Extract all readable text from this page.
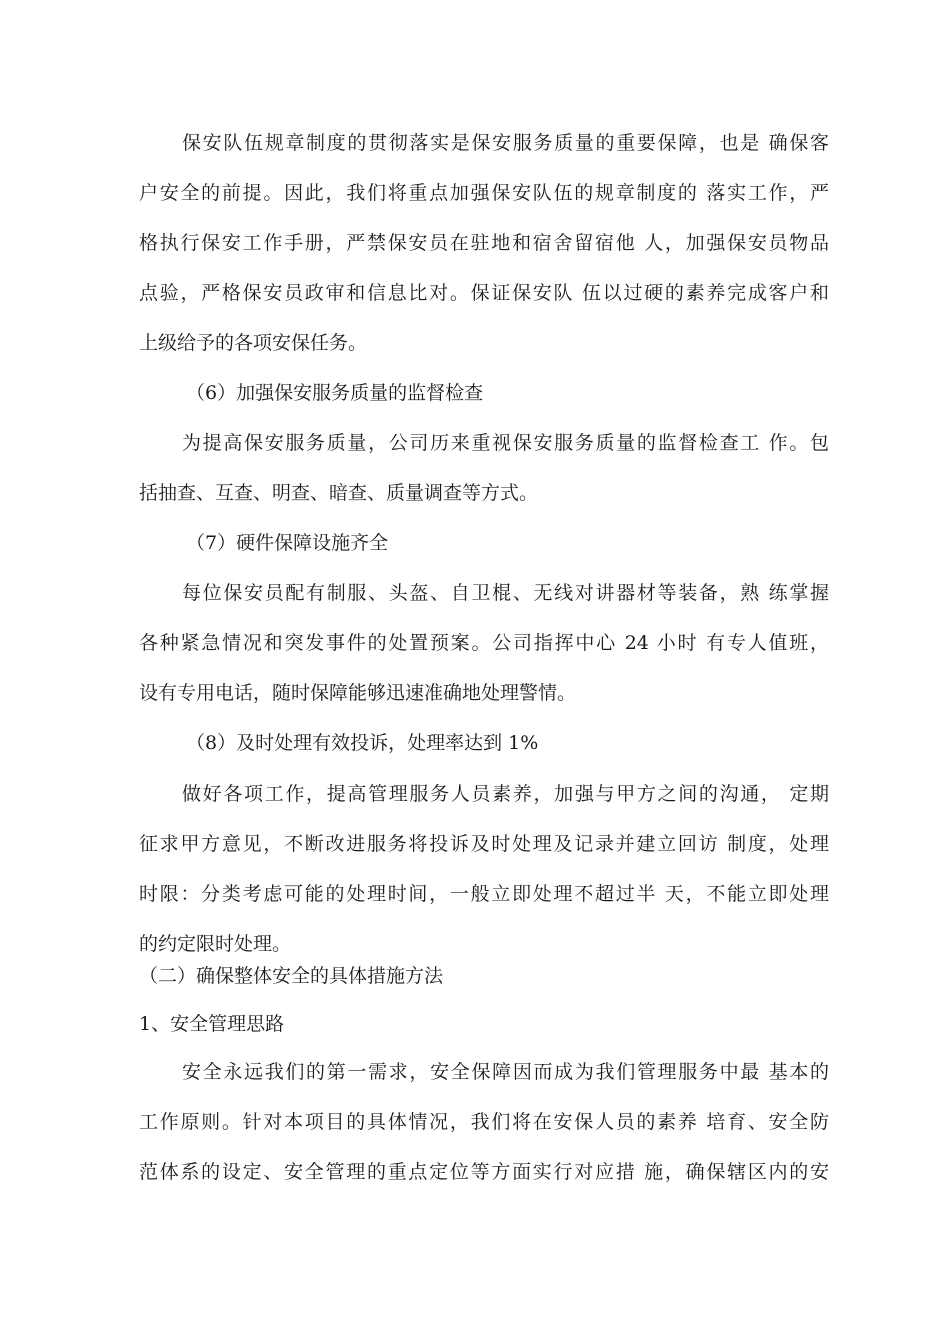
保安队伍规章制度的贯彻落实是保安服务质量的重要保障，也是 确保客
户安全的前提。因此，我们将重点加强保安队伍的规章制度的 落实工作，严
格执行保安工作手册，严禁保安员在驻地和宿舍留宿他 人，加强保安员物品
点验，严格保安员政审和信息比对。保证保安队 伍以过硬的素养完成客户和
上级给予的各项安保任务。
（6）加强保安服务质量的监督检查
为提高保安服务质量，公司历来重视保安服务质量的监督检查工 作。包
括抽查、互查、明查、暗查、质量调查等方式。
（7）硬件保障设施齐全
每位保安员配有制服、头盔、自卫棍、无线对讲器材等装备，熟 练掌握
各种紧急情况和突发事件的处置预案。公司指挥中心 24 小时 有专人值班，
设有专用电话，随时保障能够迅速准确地处理警情。
（8）及时处理有效投诉，处理率达到 1%
做好各项工作，提高管理服务人员素养，加强与甲方之间的沟通， 定期
征求甲方意见，不断改进服务将投诉及时处理及记录并建立回访 制度，处理
时限：分类考虑可能的处理时间，一般立即处理不超过半 天，不能立即处理
的约定限时处理。
（二）确保整体安全的具体措施方法
1、安全管理思路
安全永远我们的第一需求，安全保障因而成为我们管理服务中最 基本的
工作原则。针对本项目的具体情况，我们将在安保人员的素养 培育、安全防
范体系的设定、安全管理的重点定位等方面实行对应措 施，确保辖区内的安
